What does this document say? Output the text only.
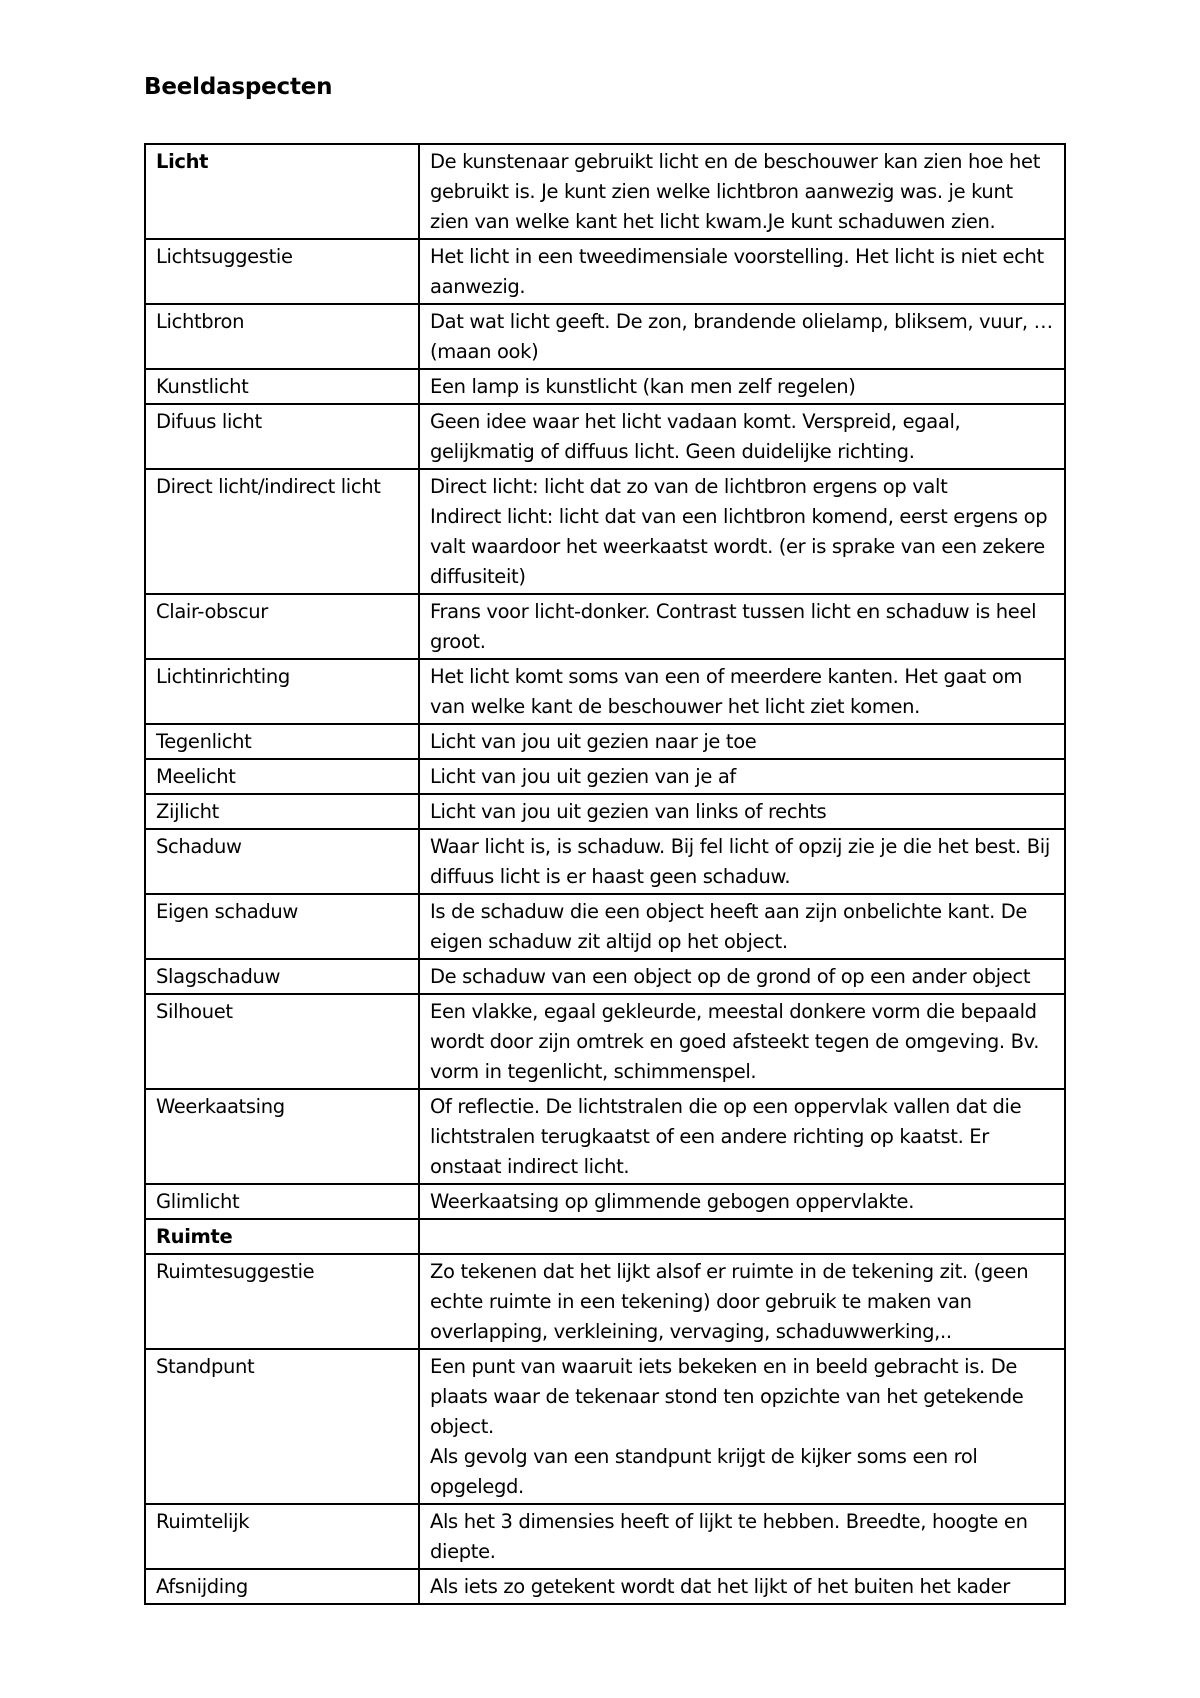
Beeldaspecten
Licht	De kunstenaar gebruikt licht en de beschouwer kan zien hoe het gebruikt is. Je kunt zien welke lichtbron aanwezig was. je kunt zien van welke kant het licht kwam.Je kunt schaduwen zien.
Lichtsuggestie	Het licht in een tweedimensiale voorstelling. Het licht is niet echt aanwezig.
Lichtbron	Dat wat licht geeft. De zon, brandende olielamp, bliksem, vuur, … (maan ook)
Kunstlicht	Een lamp is kunstlicht (kan men zelf regelen)
Difuus licht	Geen idee waar het licht vadaan komt. Verspreid, egaal, gelijkmatig of diffuus licht. Geen duidelijke richting.
Direct licht/indirect licht	Direct licht: licht dat zo van de lichtbron ergens op valt
Indirect licht: licht dat van een lichtbron komend, eerst ergens op valt waardoor het weerkaatst wordt. (er is sprake van een zekere diffusiteit)
Clair-obscur	Frans voor licht-donker. Contrast tussen licht en schaduw is heel groot.
Lichtinrichting	Het licht komt soms van een of meerdere kanten. Het gaat om van welke kant de beschouwer het licht ziet komen.
Tegenlicht	Licht van jou uit gezien naar je toe
Meelicht	Licht van jou uit gezien van je af
Zijlicht	Licht van jou uit gezien van links of rechts
Schaduw	Waar licht is, is schaduw. Bij fel licht of opzij zie je die het best. Bij diffuus licht is er haast geen schaduw.
Eigen schaduw	Is de schaduw die een object heeft aan zijn onbelichte kant. De eigen schaduw zit altijd op het object.
Slagschaduw	De schaduw van een object op de grond of op een ander object
Silhouet	Een vlakke, egaal gekleurde, meestal donkere vorm die bepaald wordt door zijn omtrek en goed afsteekt tegen de omgeving. Bv. vorm in tegenlicht, schimmenspel.
Weerkaatsing	Of reflectie. De lichtstralen die op een oppervlak vallen dat die lichtstralen terugkaatst of een andere richting op kaatst. Er onstaat indirect licht.
Glimlicht	Weerkaatsing op glimmende gebogen oppervlakte.
Ruimte	
Ruimtesuggestie	Zo tekenen dat het lijkt alsof er ruimte in de tekening zit. (geen echte ruimte in een tekening) door gebruik te maken van overlapping, verkleining, vervaging, schaduwwerking,..
Standpunt	Een punt van waaruit iets bekeken en in beeld gebracht is. De plaats waar de tekenaar stond ten opzichte van het getekende object.
Als gevolg van een standpunt krijgt de kijker soms een rol opgelegd.
Ruimtelijk	Als het 3 dimensies heeft of lijkt te hebben. Breedte, hoogte en diepte.
Afsnijding	Als iets zo getekent wordt dat het lijkt of het buiten het kader
